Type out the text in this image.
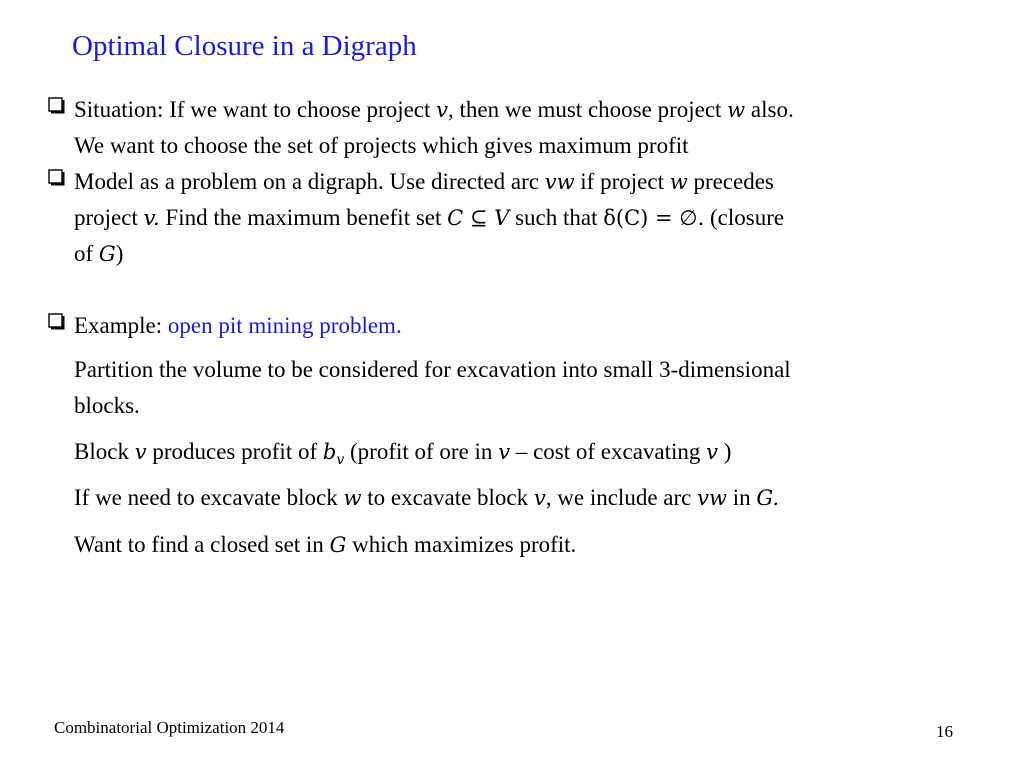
Optimal Closure in a Digraph
Situation: If we want to choose project v, then we must choose project w also.
We want to choose the set of projects which gives maximum profit
Model as a problem on a digraph. Use directed arc vw if project w precedes
project v. Find the maximum benefit set C ⊆ V such that δ(C) = ∅. (closure
of G)
Example: open pit mining problem.
Partition the volume to be considered for excavation into small 3-dimensional
blocks.
Block v produces profit of $b_v$ (profit of ore in v – cost of excavating v )
If we need to excavate block w to excavate block v, we include arc vw in G.
Want to find a closed set in G which maximizes profit.
Combinatorial Optimization 2014	16
